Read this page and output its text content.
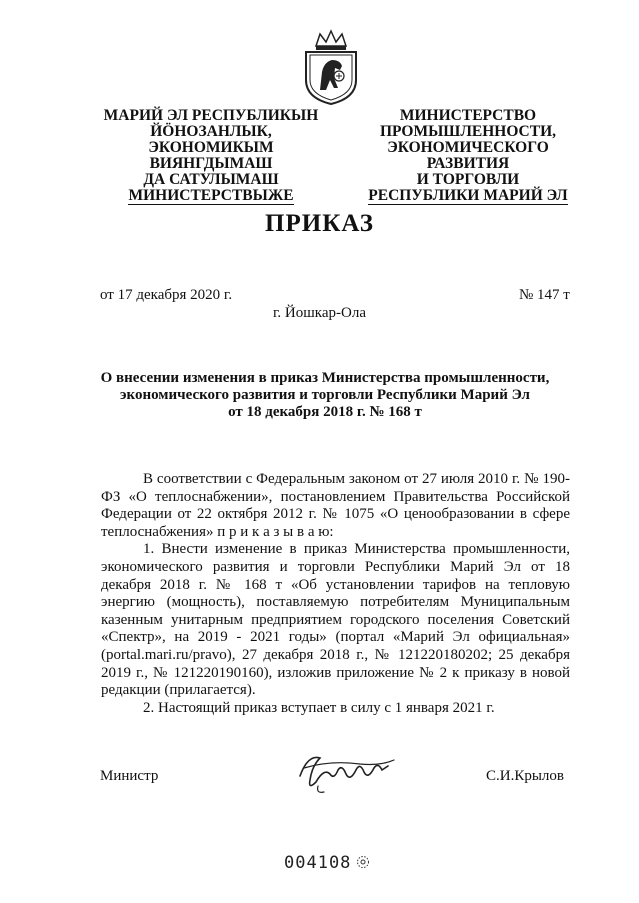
МАРИЙ ЭЛ РЕСПУБЛИКЫН
ЙÖНОЗАНЛЫК, ЭКОНОМИКЫМ
ВИЯНГДЫМАШ
ДА САТУЛЫМАШ
МИНИСТЕРСТВЫЖЕ
МИНИСТЕРСТВО
ПРОМЫШЛЕННОСТИ,
ЭКОНОМИЧЕСКОГО РАЗВИТИЯ
И ТОРГОВЛИ
РЕСПУБЛИКИ МАРИЙ ЭЛ
ПРИКАЗ
от 17 декабря 2020 г.	№ 147 т
г. Йошкар-Ола
О внесении изменения в приказ Министерства промышленности,
экономического развития и торговли Республики Марий Эл
от 18 декабря 2018 г. № 168 т

В соответствии с Федеральным законом от 27 июля 2010 г. № 190-ФЗ «О теплоснабжении», постановлением Правительства Российской Федерации от 22 октября 2012 г. № 1075 «О ценообразовании в сфере теплоснабжения» п р и к а з ы в а ю:

1. Внести изменение в приказ Министерства промышленности, экономического развития и торговли Республики Марий Эл от 18 декабря 2018 г. № 168 т «Об установлении тарифов на тепловую энергию (мощность), поставляемую потребителям Муниципальным казенным унитарным предприятием городского поселения Советский «Спектр», на 2019 - 2021 годы» (портал «Марий Эл официальная» (portal.mari.ru/pravo), 27 декабря 2018 г., № 121220180202; 25 декабря 2019 г., № 121220190160), изложив приложение № 2 к приказу в новой редакции (прилагается).

2. Настоящий приказ вступает в силу с 1 января 2021 г.

Министр	С.И.Крылов
004108
